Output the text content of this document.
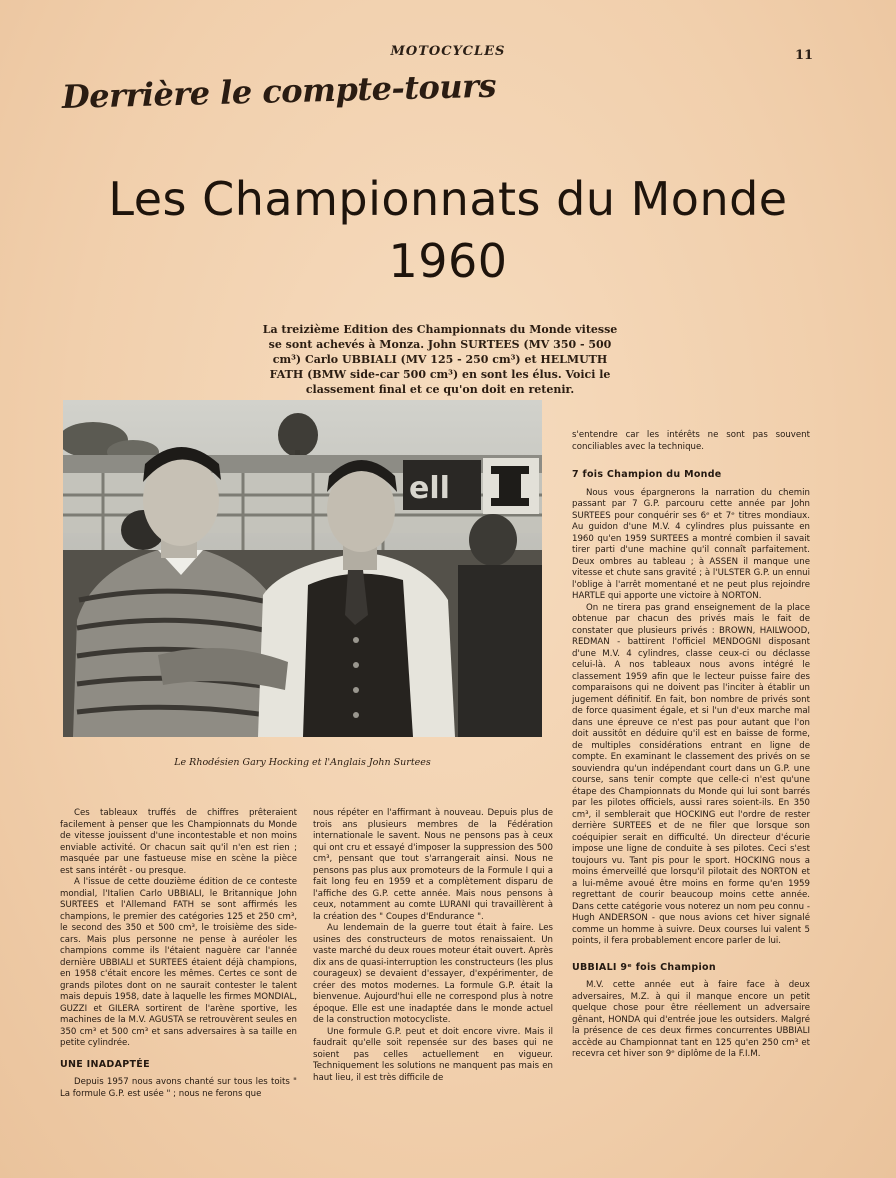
MOTOCYCLES	11
Derrière le compte-tours
Les Championnats du Monde
1960
La treizième Edition des Championnats du Monde vitesse se sont achevés à Monza. John SURTEES (MV 350 - 500 cm³) Carlo UBBIALI (MV 125 - 250 cm³) et HELMUTH FATH (BMW side-car 500 cm³) en sont les élus. Voici le classement final et ce qu'on doit en retenir.
ell
Le Rhodésien Gary Hocking et l'Anglais John Surtees

Ces tableaux truffés de chiffres prêteraient facilement à penser que les Championnats du Monde de vitesse jouissent d'une incontestable et non moins enviable activité. Or chacun sait qu'il n'en est rien ; masquée par une fastueuse mise en scène la pièce est sans intérêt - ou presque.

A l'issue de cette douzième édition de ce conteste mondial, l'Italien Carlo UBBIALI, le Britannique John SURTEES et l'Allemand FATH se sont affirmés les champions, le premier des catégories 125 et 250 cm³, le second des 350 et 500 cm³, le troisième des side-cars. Mais plus personne ne pense à auréoler les champions comme ils l'étaient naguère car l'année dernière UBBIALI et SURTEES étaient déjà champions, en 1958 c'était encore les mêmes. Certes ce sont de grands pilotes dont on ne saurait contester le talent mais depuis 1958, date à laquelle les firmes MONDIAL, GUZZI et GILERA sortirent de l'arène sportive, les machines de la M.V. AGUSTA se retrouvèrent seules en 350 cm³ et 500 cm³ et sans adversaires à sa taille en petite cylindrée.

UNE INADAPTÉE

Depuis 1957 nous avons chanté sur tous les toits " La formule G.P. est usée " ; nous ne ferons que

nous répéter en l'affirmant à nouveau. Depuis plus de trois ans plusieurs membres de la Fédération internationale le savent. Nous ne pensons pas à ceux qui ont cru et essayé d'imposer la suppression des 500 cm³, pensant que tout s'arrangerait ainsi. Nous ne pensons pas plus aux promoteurs de la Formule I qui a fait long feu en 1959 et a complètement disparu de l'affiche des G.P. cette année. Mais nous pensons à ceux, notamment au comte LURANI qui travaillèrent à la création des " Coupes d'Endurance ".

Au lendemain de la guerre tout était à faire. Les usines des constructeurs de motos renaissaient. Un vaste marché du deux roues moteur était ouvert. Après dix ans de quasi-interruption les constructeurs (les plus courageux) se devaient d'essayer, d'expérimenter, de créer des motos modernes. La formule G.P. était la bienvenue. Aujourd'hui elle ne correspond plus à notre époque. Elle est une inadaptée dans le monde actuel de la construction motocycliste.

Une formule G.P. peut et doit encore vivre. Mais il faudrait qu'elle soit repensée sur des bases qui ne soient pas celles actuellement en vigueur. Techniquement les solutions ne manquent pas mais en haut lieu, il est très difficile de

s'entendre car les intérêts ne sont pas souvent conciliables avec la technique.

7 fois Champion du Monde

Nous vous épargnerons la narration du chemin passant par 7 G.P. parcouru cette année par John SURTEES pour conquérir ses 6ᵉ et 7ᵉ titres mondiaux. Au guidon d'une M.V. 4 cylindres plus puissante en 1960 qu'en 1959 SURTEES a montré combien il savait tirer parti d'une machine qu'il connaît parfaitement. Deux ombres au tableau ; à ASSEN il manque une vitesse et chute sans gravité ; à l'ULSTER G.P. un ennui l'oblige à l'arrêt momentané et ne peut plus rejoindre HARTLE qui apporte une victoire à NORTON.

On ne tirera pas grand enseignement de la place obtenue par chacun des privés mais le fait de constater que plusieurs privés : BROWN, HAILWOOD, REDMAN - battirent l'officiel MENDOGNI disposant d'une M.V. 4 cylindres, classe ceux-ci ou déclasse celui-là. A nos tableaux nous avons intégré le classement 1959 afin que le lecteur puisse faire des comparaisons qui ne doivent pas l'inciter à établir un jugement définitif. En fait, bon nombre de privés sont de force quasiment égale, et si l'un d'eux marche mal dans une épreuve ce n'est pas pour autant que l'on doit aussitôt en déduire qu'il est en baisse de forme, de multiples considérations entrant en ligne de compte. En examinant le classement des privés on se souviendra qu'un indépendant court dans un G.P. une course, sans tenir compte que celle-ci n'est qu'une étape des Championnats du Monde qui lui sont barrés par les pilotes officiels, aussi rares soient-ils. En 350 cm³, il semblerait que HOCKING eut l'ordre de rester derrière SURTEES et de ne filer que lorsque son coéquipier serait en difficulté. Un directeur d'écurie impose une ligne de conduite à ses pilotes. Ceci s'est toujours vu. Tant pis pour le sport. HOCKING nous a moins émerveillé que lorsqu'il pilotait des NORTON et a lui-même avoué être moins en forme qu'en 1959 regrettant de courir beaucoup moins cette année. Dans cette catégorie vous noterez un nom peu connu - Hugh ANDERSON - que nous avions cet hiver signalé comme un homme à suivre. Deux courses lui valent 5 points, il fera probablement encore parler de lui.

UBBIALI 9ᵉ fois Champion

M.V. cette année eut à faire face à deux adversaires, M.Z. à qui il manque encore un petit quelque chose pour être réellement un adversaire gênant, HONDA qui d'entrée joue les outsiders. Malgré la présence de ces deux firmes concurrentes UBBIALI accède au Championnat tant en 125 qu'en 250 cm³ et recevra cet hiver son 9ᵉ diplôme de la F.I.M.
